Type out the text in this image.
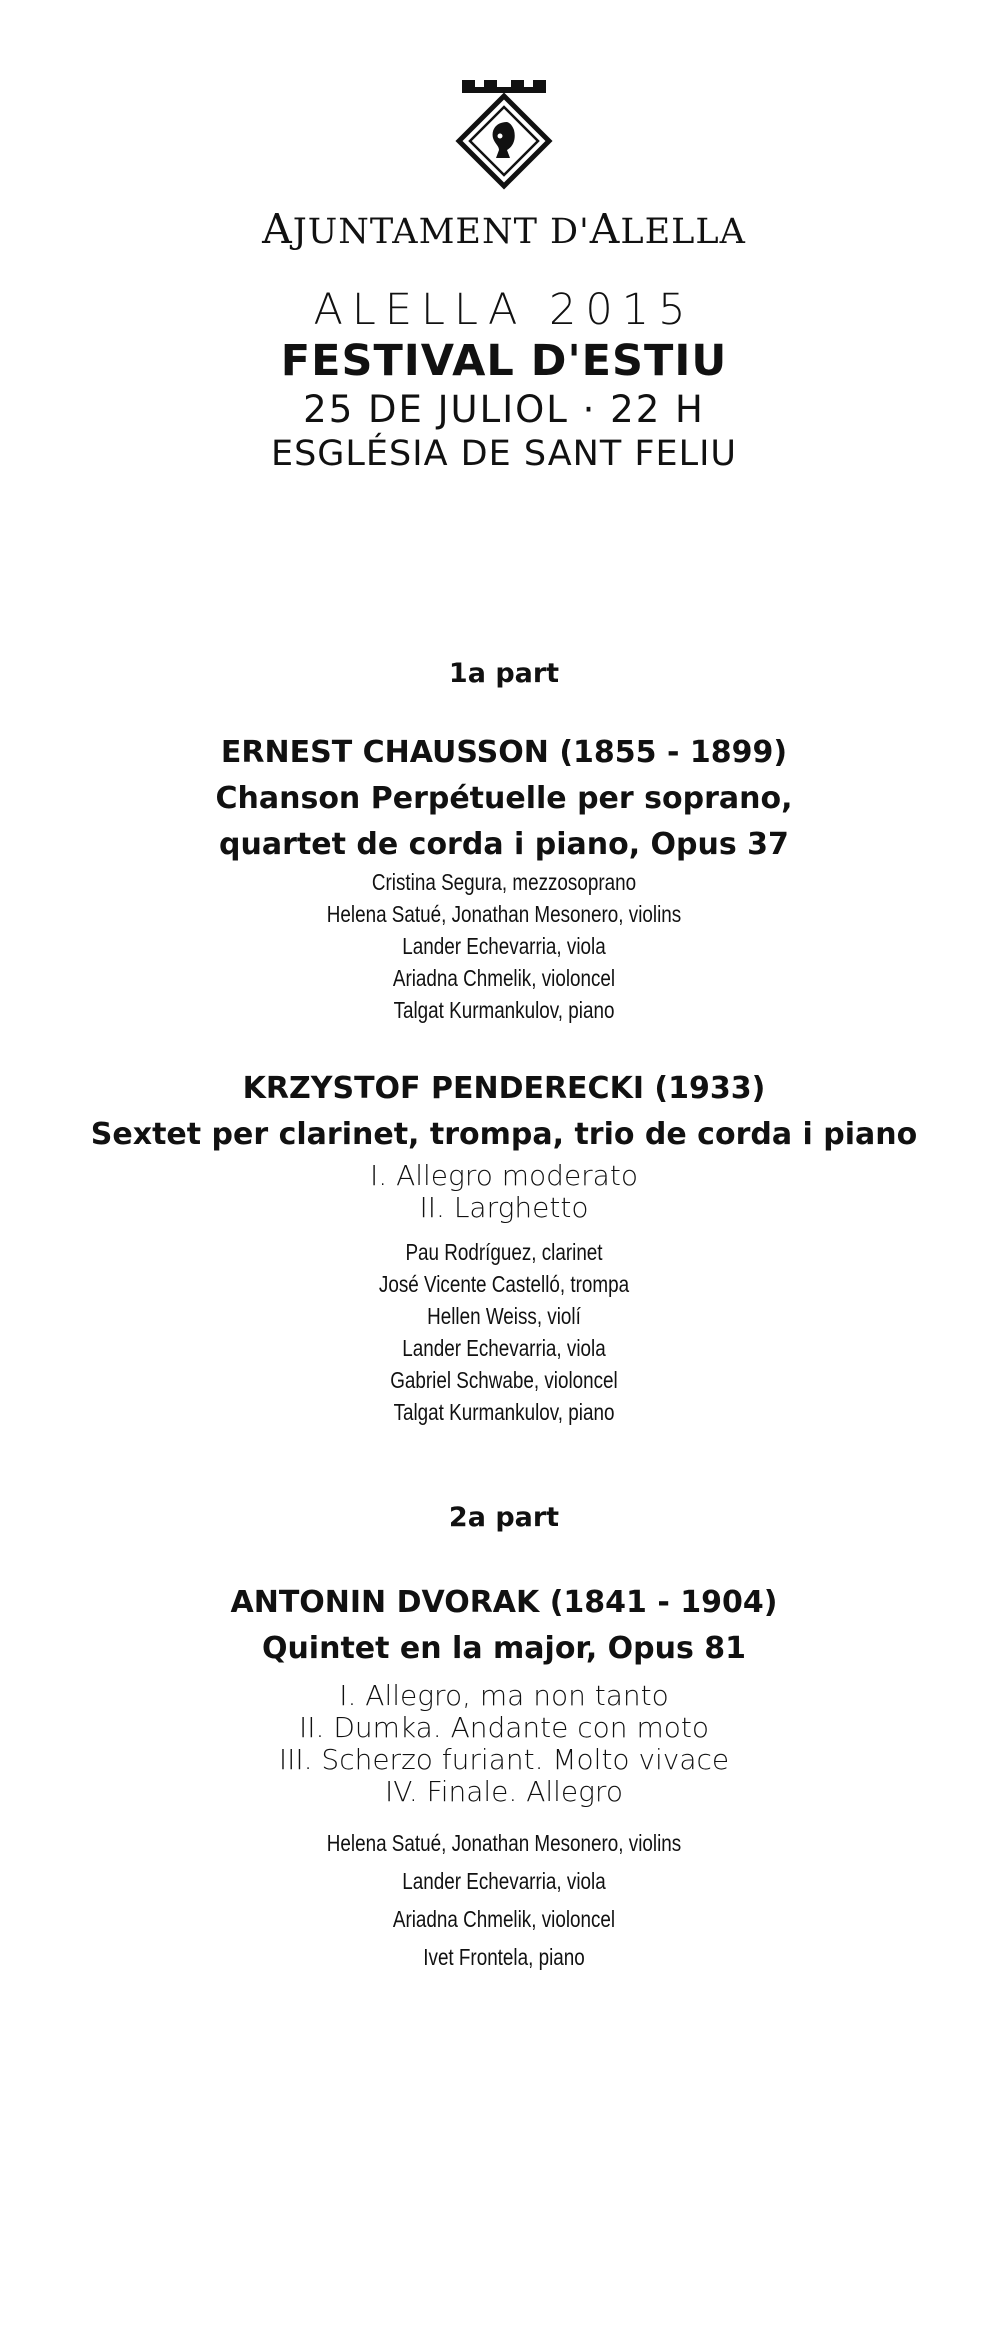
AJUNTAMENT D'ALELLA
ALELLA 2015
FESTIVAL D'ESTIU
25 DE JULIOL · 22 H
ESGLÉSIA DE SANT FELIU
1a part
ERNEST CHAUSSON (1855 - 1899)
Chanson Perpétuelle per soprano,
quartet de corda i piano, Opus 37
Cristina Segura, mezzosoprano
Helena Satué, Jonathan Mesonero, violins
Lander Echevarria, viola
Ariadna Chmelik, violoncel
Talgat Kurmankulov, piano
KRZYSTOF PENDERECKI (1933)
Sextet per clarinet, trompa, trio de corda i piano
I. Allegro moderato
II. Larghetto
Pau Rodríguez, clarinet
José Vicente Castelló, trompa
Hellen Weiss, violí
Lander Echevarria, viola
Gabriel Schwabe, violoncel
Talgat Kurmankulov, piano
2a part
ANTONIN DVORAK (1841 - 1904)
Quintet en la major, Opus 81
I. Allegro, ma non tanto
II. Dumka. Andante con moto
III. Scherzo furiant. Molto vivace
IV. Finale. Allegro
Helena Satué, Jonathan Mesonero, violins
Lander Echevarria, viola
Ariadna Chmelik, violoncel
Ivet Frontela, piano
